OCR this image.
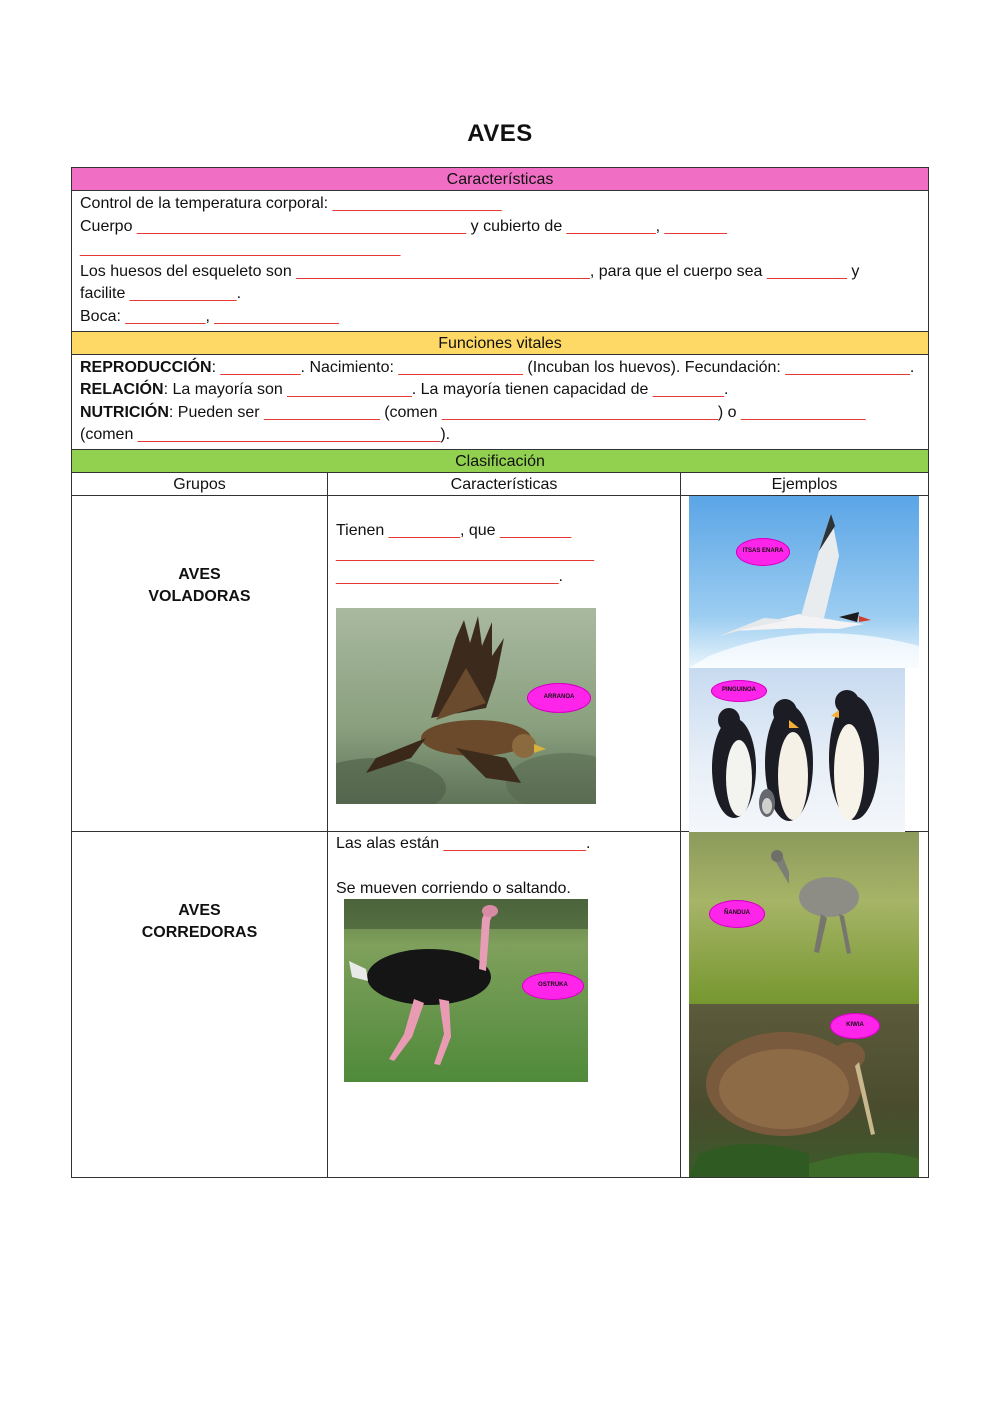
AVES
Características
Control de la temperatura corporal: ___________________
Cuerpo _____________________________________ y cubierto de __________, _______
____________________________________
Los huesos del esqueleto son _________________________________, para que el cuerpo sea _________ y
facilite ____________.
Boca: _________, ______________
Funciones vitales
REPRODUCCIÓN: _________. Nacimiento: ______________ (Incuban los huevos). Fecundación: ______________.
RELACIÓN: La mayoría son ______________. La mayoría tienen capacidad de ________.
NUTRICIÓN: Pueden ser _____________ (comen _______________________________) o ______________
(comen __________________________________).
Clasificación
Grupos	Características	Ejemplos
AVES
VOLADORAS
Tienen ________, que ________
_____________________________
_________________________.
ARRANOA
ITSAS ENARA
PINGUINOA
AVES
CORREDORAS
Las alas están ________________.
Se mueven corriendo o saltando.
OSTRUKA
ÑANDUA
KIWIA
